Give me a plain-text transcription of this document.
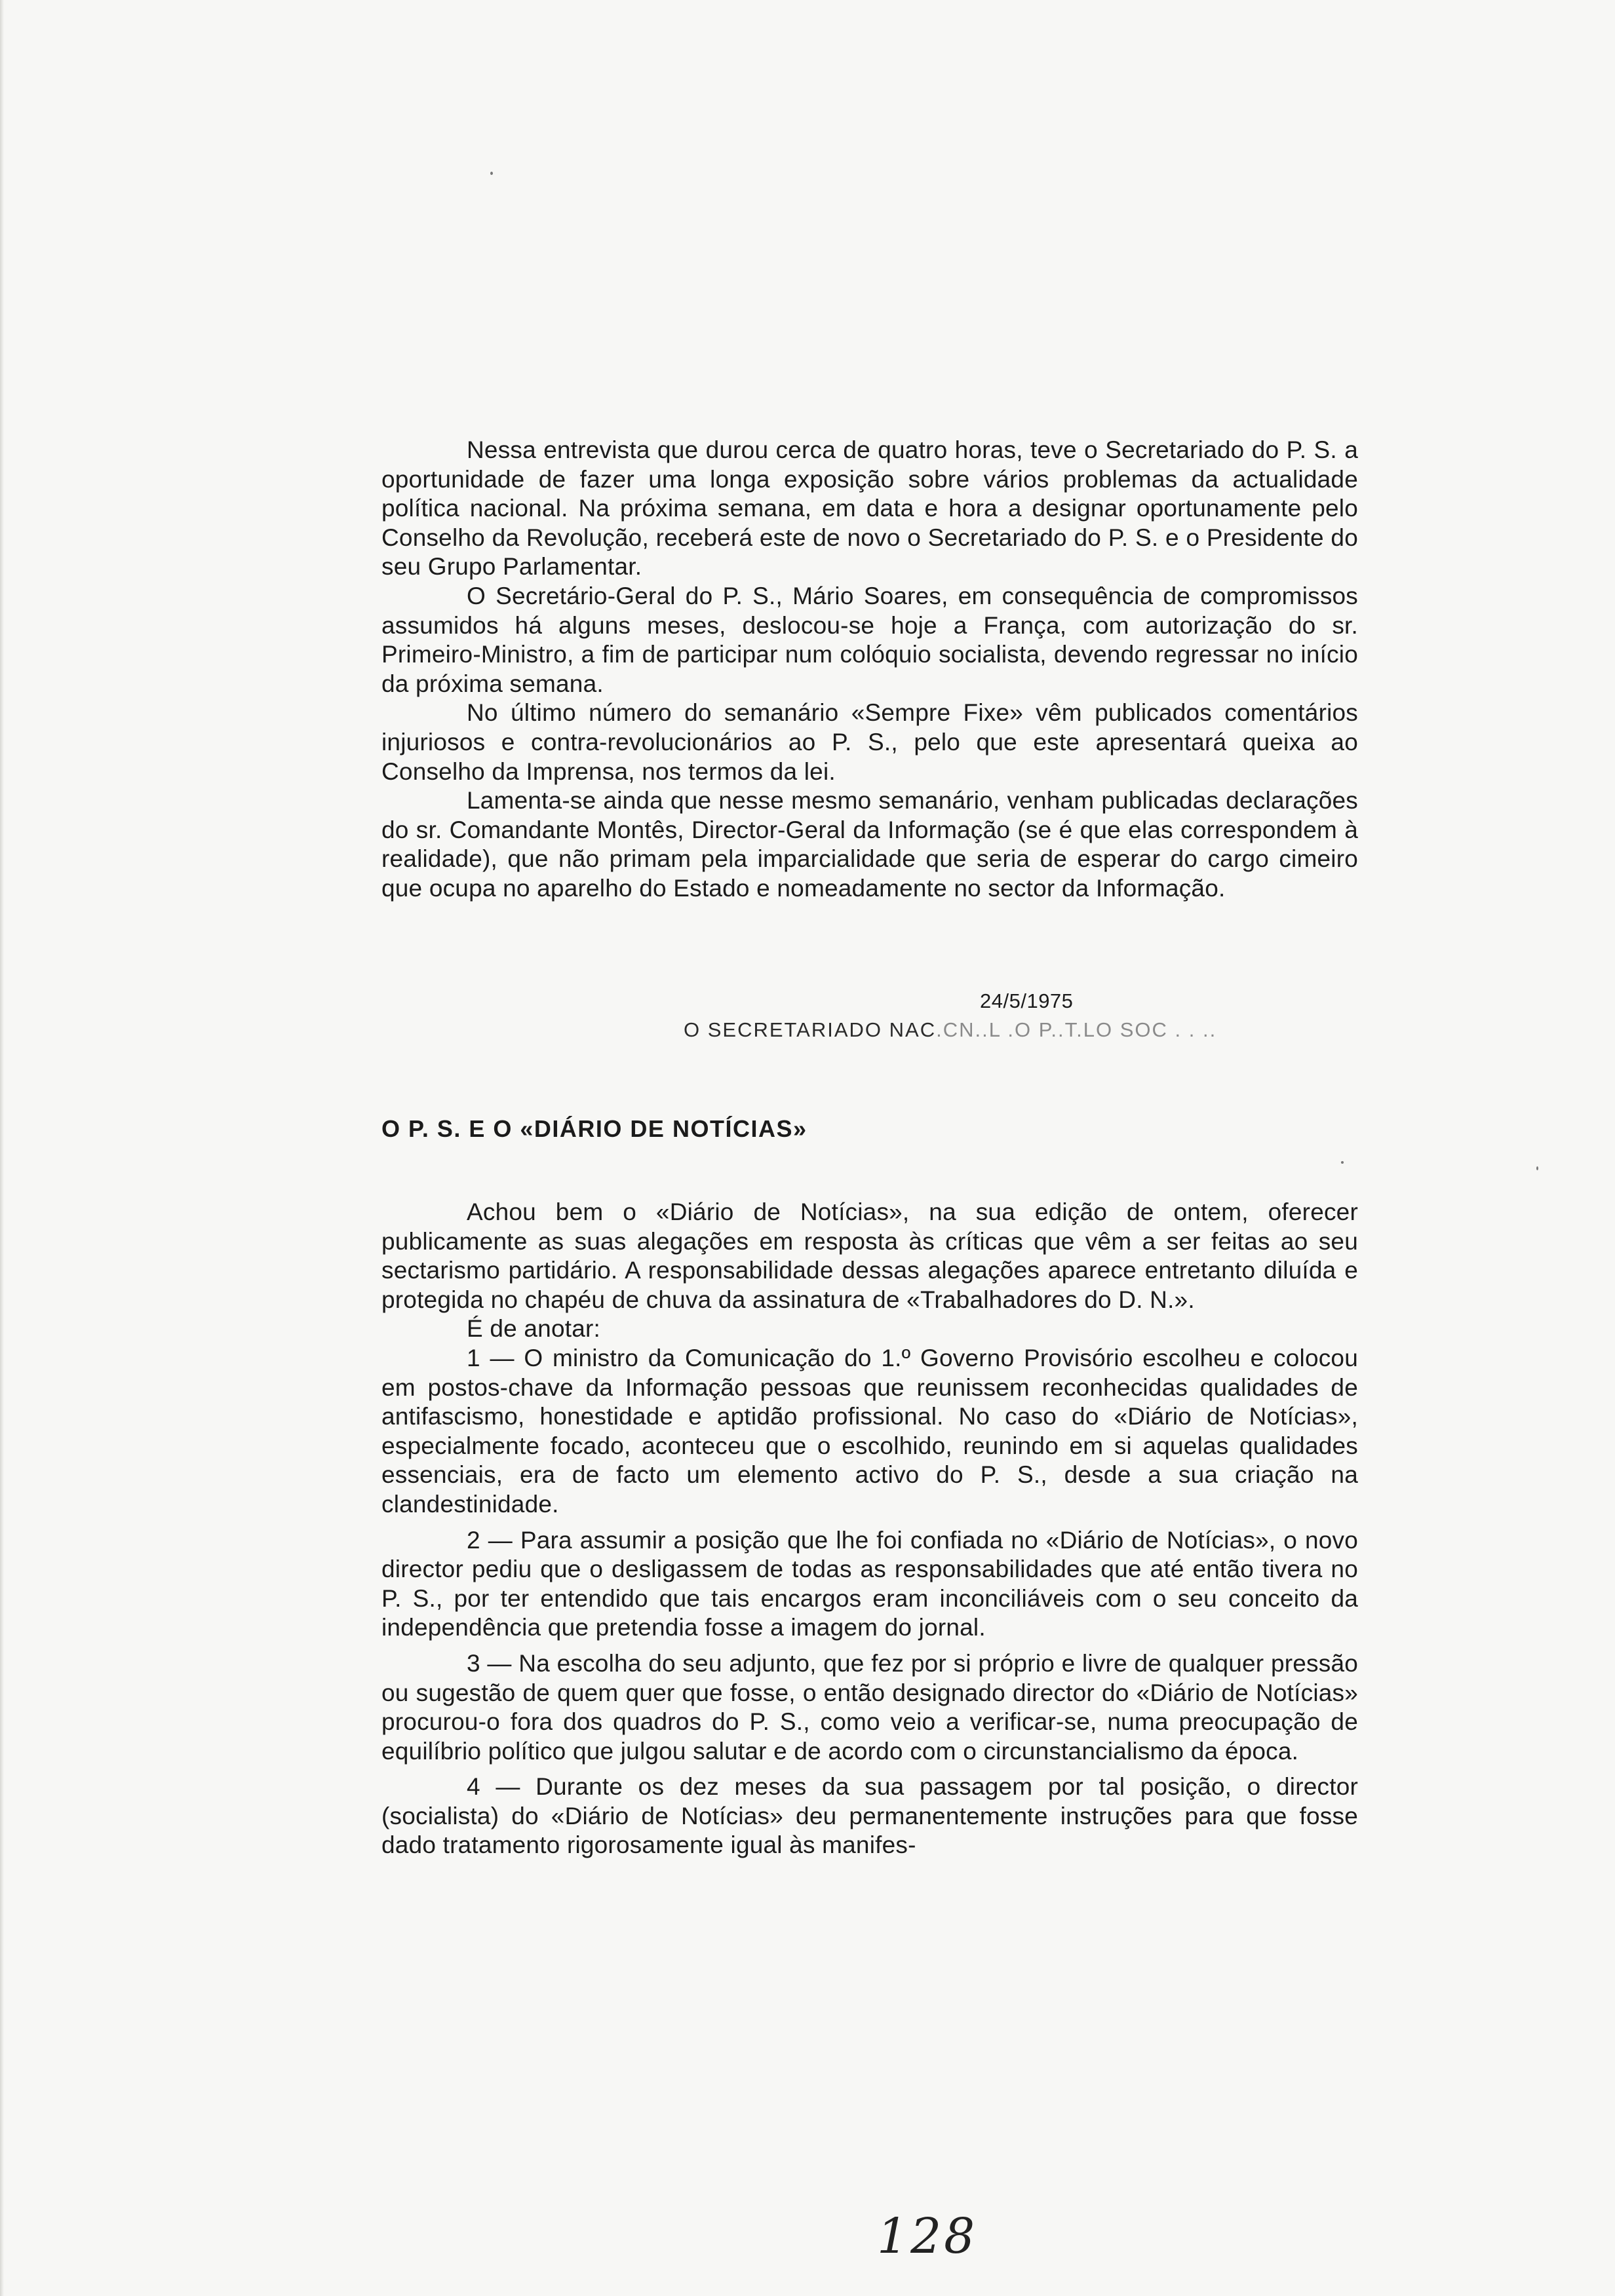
Nessa entrevista que durou cerca de quatro horas, teve o Secretariado do P. S. a oportunidade de fazer uma longa exposição sobre vários problemas da actualidade política nacional. Na próxima semana, em data e hora a designar oportunamente pelo Conselho da Revolução, receberá este de novo o Secretariado do P. S. e o Presidente do seu Grupo Parlamentar.

O Secretário-Geral do P. S., Mário Soares, em consequência de compromissos assumidos há alguns meses, deslocou-se hoje a França, com autorização do sr. Primeiro-Ministro, a fim de participar num colóquio socialista, devendo regressar no início da próxima semana.

No último número do semanário «Sempre Fixe» vêm publicados comentários injuriosos e contra-revolucionários ao P. S., pelo que este apresentará queixa ao Conselho da Imprensa, nos termos da lei.

Lamenta-se ainda que nesse mesmo semanário, venham publicadas declarações do sr. Comandante Montês, Director-Geral da Informação (se é que elas correspondem à realidade), que não primam pela imparcialidade que seria de esperar do cargo cimeiro que ocupa no aparelho do Estado e nomeadamente no sector da Informação.

24/5/1975
O SECRETARIADO NAC.CN..L .O P..T.LO SOC . . ..
O P. S. E O «DIÁRIO DE NOTÍCIAS»

Achou bem o «Diário de Notícias», na sua edição de ontem, oferecer publicamente as suas alegações em resposta às críticas que vêm a ser feitas ao seu sectarismo partidário. A responsabilidade dessas alegações aparece entretanto diluída e protegida no chapéu de chuva da assinatura de «Trabalhadores do D. N.».

É de anotar:

1 — O ministro da Comunicação do 1.º Governo Provisório escolheu e colocou em postos-chave da Informação pessoas que reunissem reconhecidas qualidades de antifascismo, honestidade e aptidão profissional. No caso do «Diário de Notícias», especialmente focado, aconteceu que o escolhido, reunindo em si aquelas qualidades essenciais, era de facto um elemento activo do P. S., desde a sua criação na clandestinidade.

2 — Para assumir a posição que lhe foi confiada no «Diário de Notícias», o novo director pediu que o desligassem de todas as responsabilidades que até então tivera no P. S., por ter entendido que tais encargos eram inconciliáveis com o seu conceito da independência que pretendia fosse a imagem do jornal.

3 — Na escolha do seu adjunto, que fez por si próprio e livre de qualquer pressão ou sugestão de quem quer que fosse, o então designado director do «Diário de Notícias» procurou-o fora dos quadros do P. S., como veio a verificar-se, numa preocupação de equilíbrio político que julgou salutar e de acordo com o circunstancialismo da época.

4 — Durante os dez meses da sua passagem por tal posição, o director (socialista) do «Diário de Notícias» deu permanentemente instruções para que fosse dado tratamento rigorosamente igual às manifes-

128
